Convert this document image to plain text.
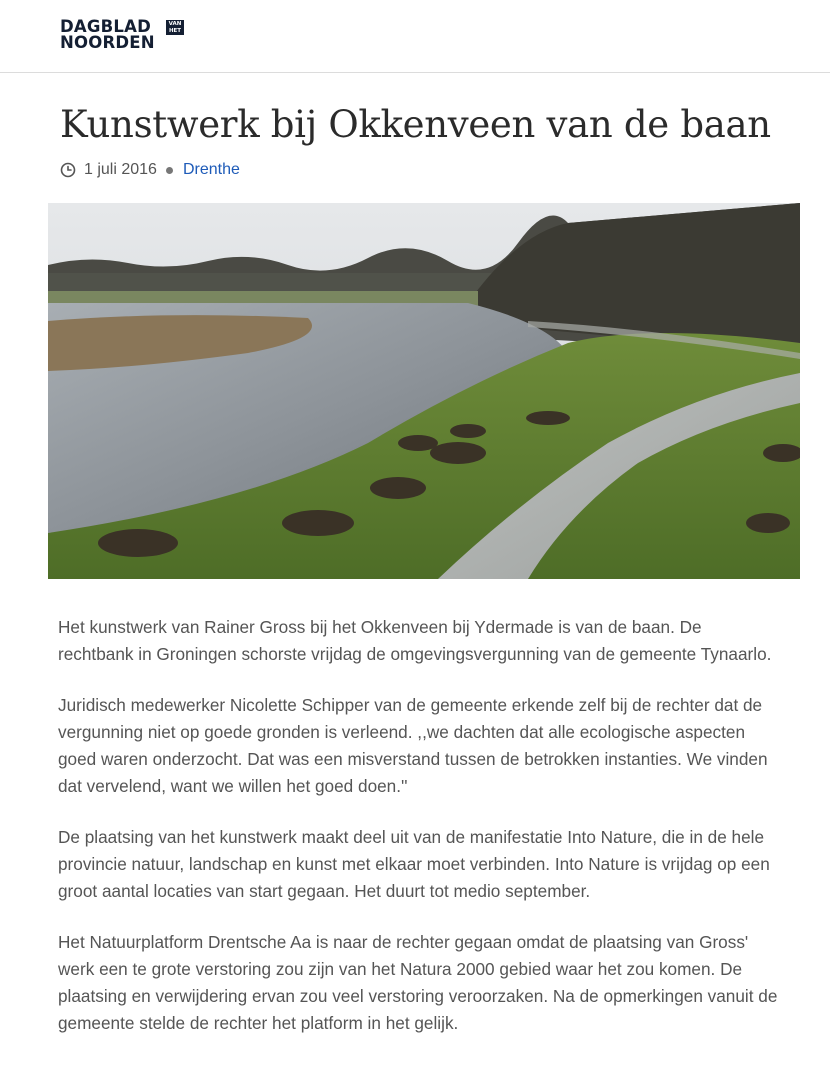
DAGBLAD
NOORDEN
VAN
HET
Kunstwerk bij Okkenveen van de baan
1 juli 2016 Drenthe

Het kunstwerk van Rainer Gross bij het Okkenveen bij Ydermade is van de baan. De rechtbank in Groningen schorste vrijdag de omgevingsvergunning van de gemeente Tynaarlo.

Juridisch medewerker Nicolette Schipper van de gemeente erkende zelf bij de rechter dat de vergunning niet op goede gronden is verleend. ,,we dachten dat alle ecologische aspecten goed waren onderzocht. Dat was een misverstand tussen de betrokken instanties. We vinden dat vervelend, want we willen het goed doen.''

De plaatsing van het kunstwerk maakt deel uit van de manifestatie Into Nature, die in de hele provincie natuur, landschap en kunst met elkaar moet verbinden. Into Nature is vrijdag op een groot aantal locaties van start gegaan. Het duurt tot medio september.

Het Natuurplatform Drentsche Aa is naar de rechter gegaan omdat de plaatsing van Gross' werk een te grote verstoring zou zijn van het Natura 2000 gebied waar het zou komen. De plaatsing en verwijdering ervan zou veel verstoring veroorzaken. Na de opmerkingen vanuit de gemeente stelde de rechter het platform in het gelijk.
